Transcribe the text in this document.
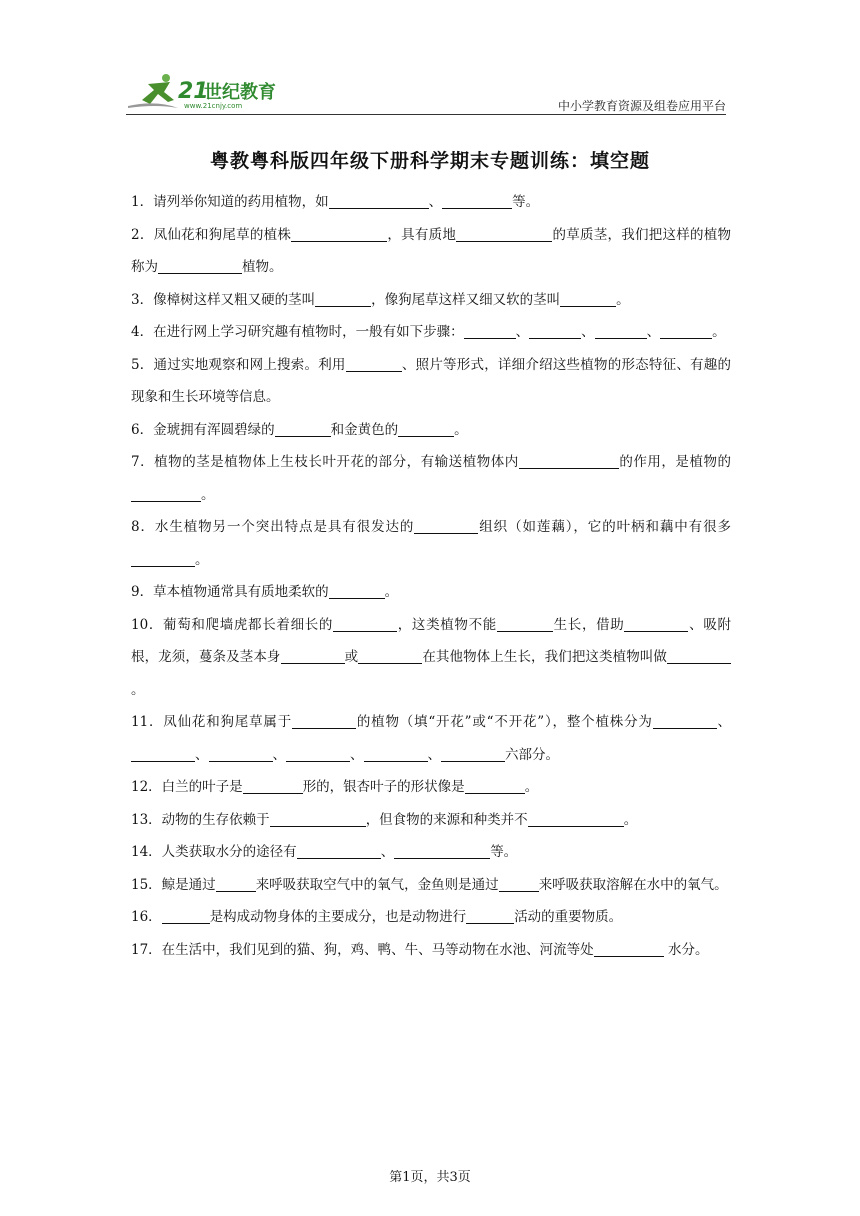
21
世纪教育
www.21cnjy.com	中小学教育资源及组卷应用平台
粤教粤科版四年级下册科学期末专题训练：填空题

1．请列举你知道的药用植物，如	、	等。

2．凤仙花和狗尾草的植株	，具有质地	的草质茎，我们把这样的植物称为	植物。

3．像樟树这样又粗又硬的茎叫	，像狗尾草这样又细又软的茎叫	。

4．在进行网上学习研究趣有植物时，一般有如下步骤：	、	、	、	。

5．通过实地观察和网上搜索。利用	、照片等形式，详细介绍这些植物的形态特征、有趣的现象和生长环境等信息。

6．金琥拥有浑圆碧绿的	和金黄色的	。

7．植物的茎是植物体上生枝长叶开花的部分，有输送植物体内	的作用，是植物的。

8．水生植物另一个突出特点是具有很发达的	组织（如莲藕），它的叶柄和藕中有很多。

9．草本植物通常具有质地柔软的	。

10．葡萄和爬墙虎都长着细长的	，这类植物不能	生长，借助	、吸附根，龙须，蔓条及茎本身	或	在其他物体上生长，我们把这类植物叫做。

11．凤仙花和狗尾草属于	的植物（填“开花”或“不开花”），整个植株分为	、、	、	、	、	六部分。

12．白兰的叶子是	形的，银杏叶子的形状像是	。

13．动物的生存依赖于	，但食物的来源和种类并不	。

14．人类获取水分的途径有	、	等。

15．鲸是通过	来呼吸获取空气中的氧气，金鱼则是通过	来呼吸获取溶解在水中的氧气。

16．	是构成动物身体的主要成分，也是动物进行	活动的重要物质。

17．在生活中，我们见到的猫、狗，鸡、鸭、牛、马等动物在水池、河流等处	水分。

第1页，共3页
